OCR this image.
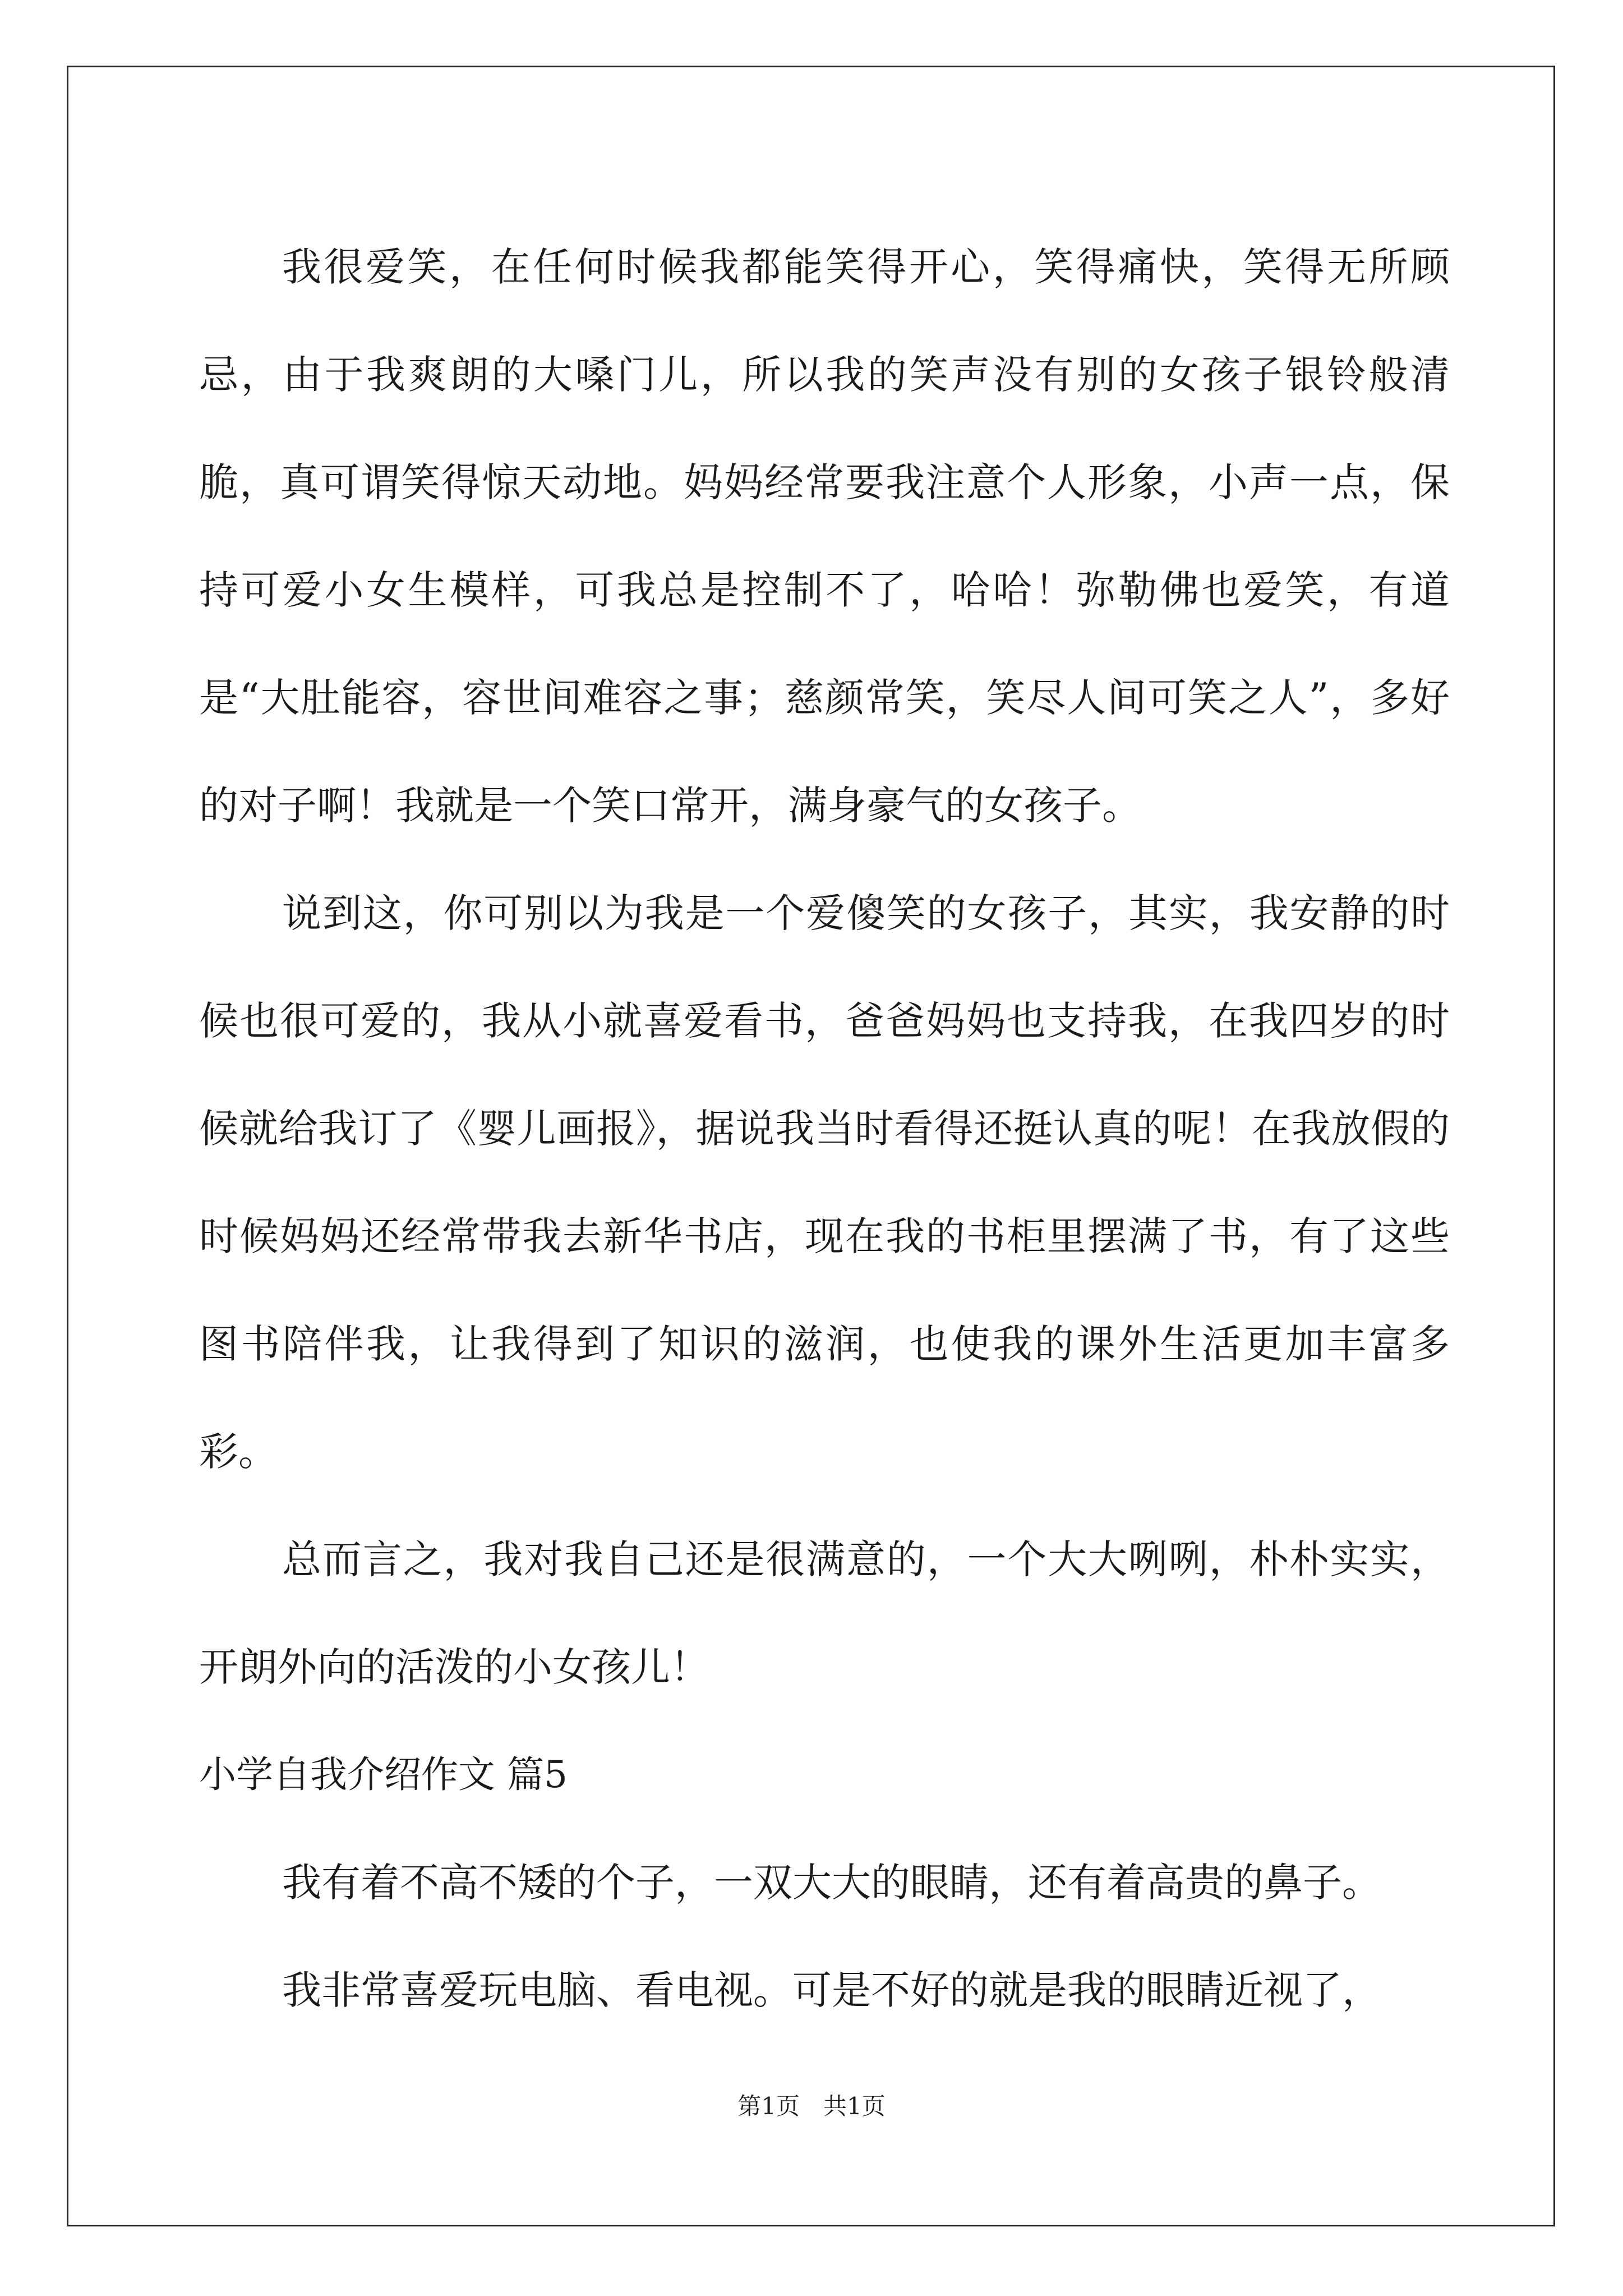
我很爱笑，在任何时候我都能笑得开心，笑得痛快，笑得无所顾忌，由于我爽朗的大嗓门儿，所以我的笑声没有别的女孩子银铃般清脆，真可谓笑得惊天动地。妈妈经常要我注意个人形象，小声一点，保持可爱小女生模样，可我总是控制不了，哈哈！弥勒佛也爱笑，有道是“大肚能容，容世间难容之事；慈颜常笑，笑尽人间可笑之人”，多好的对子啊！我就是一个笑口常开，满身豪气的女孩子。

说到这，你可别以为我是一个爱傻笑的女孩子，其实，我安静的时候也很可爱的，我从小就喜爱看书，爸爸妈妈也支持我，在我四岁的时候就给我订了《婴儿画报》，据说我当时看得还挺认真的呢！在我放假的时候妈妈还经常带我去新华书店，现在我的书柜里摆满了书，有了这些图书陪伴我，让我得到了知识的滋润，也使我的课外生活更加丰富多彩。

总而言之，我对我自己还是很满意的，一个大大咧咧，朴朴实实，开朗外向的活泼的小女孩儿！

小学自我介绍作文 篇5

我有着不高不矮的个子，一双大大的眼睛，还有着高贵的鼻子。

我非常喜爱玩电脑、看电视。可是不好的就是我的眼睛近视了，

第1页　共1页
